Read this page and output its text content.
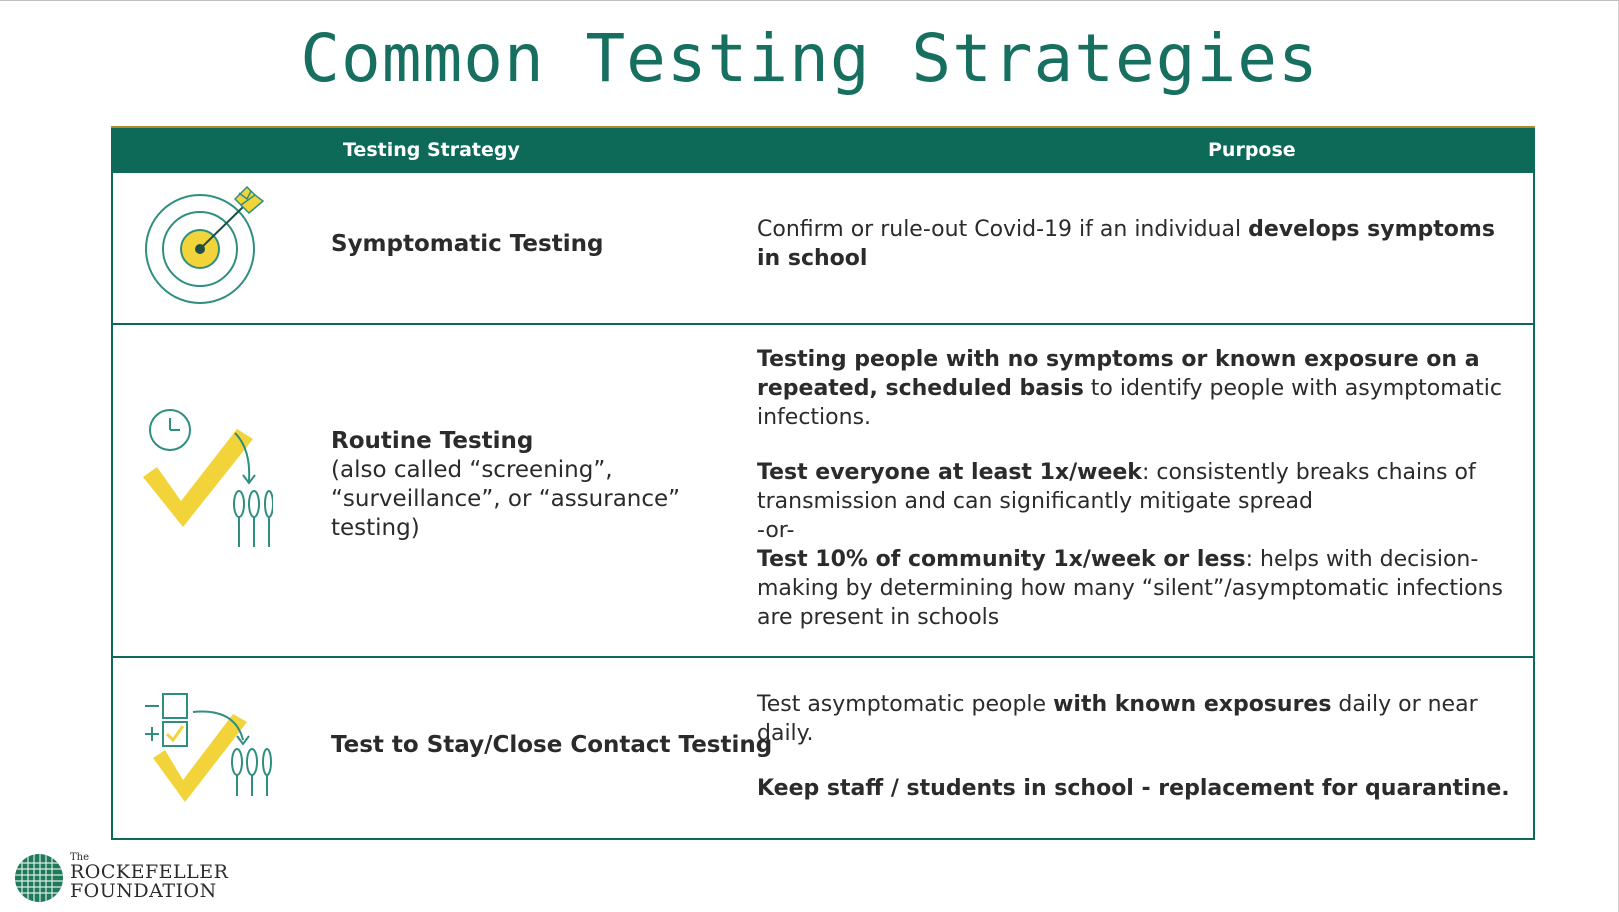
Common Testing Strategies
Testing Strategy	Purpose
Symptomatic Testing

Confirm or rule-out Covid-19 if an individual develops symptoms in school

Routine Testing
(also called “screening”,
“surveillance”, or “assurance”
testing)

Testing people with no symptoms or known exposure on a repeated, scheduled basis to identify people with asymptomatic infections.

Test everyone at least 1x/week: consistently breaks chains of transmission and can significantly mitigate spread

-or-

Test 10% of community 1x/week or less: helps with decision-making by determining how many “silent”/asymptomatic infections are present in schools

Test to Stay/Close Contact Testing

Test asymptomatic people with known exposures daily or near daily.

Keep staff / students in school - replacement for quarantine.

The
ROCKEFELLER
FOUNDATION
